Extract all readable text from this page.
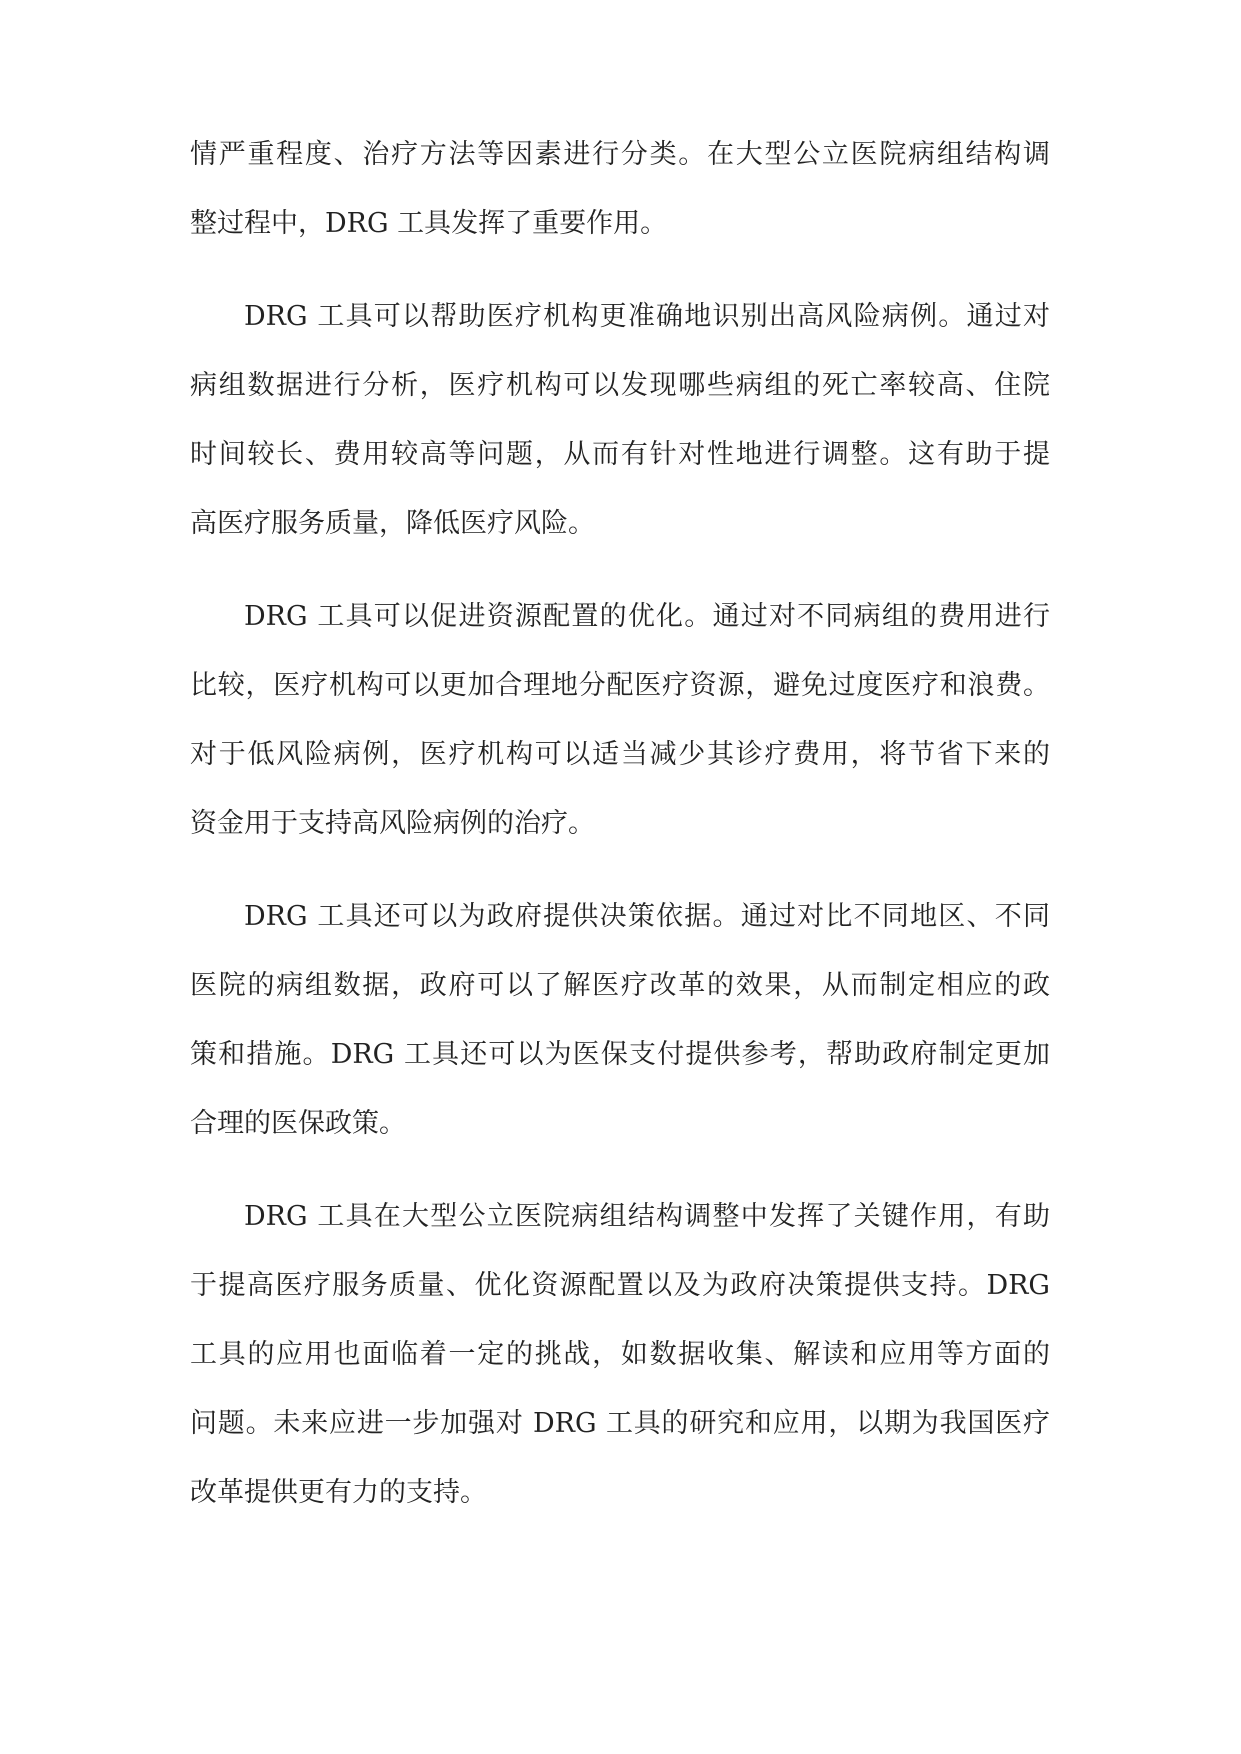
情严重程度、治疗方法等因素进行分类。在大型公立医院病组结构调
整过程中，DRG 工具发挥了重要作用。
DRG 工具可以帮助医疗机构更准确地识别出高风险病例。通过对
病组数据进行分析，医疗机构可以发现哪些病组的死亡率较高、住院
时间较长、费用较高等问题，从而有针对性地进行调整。这有助于提
高医疗服务质量，降低医疗风险。
DRG 工具可以促进资源配置的优化。通过对不同病组的费用进行
比较，医疗机构可以更加合理地分配医疗资源，避免过度医疗和浪费。
对于低风险病例，医疗机构可以适当减少其诊疗费用，将节省下来的
资金用于支持高风险病例的治疗。
DRG 工具还可以为政府提供决策依据。通过对比不同地区、不同
医院的病组数据，政府可以了解医疗改革的效果，从而制定相应的政
策和措施。DRG 工具还可以为医保支付提供参考，帮助政府制定更加
合理的医保政策。
DRG 工具在大型公立医院病组结构调整中发挥了关键作用，有助
于提高医疗服务质量、优化资源配置以及为政府决策提供支持。DRG
工具的应用也面临着一定的挑战，如数据收集、解读和应用等方面的
问题。未来应进一步加强对 DRG 工具的研究和应用，以期为我国医疗
改革提供更有力的支持。
